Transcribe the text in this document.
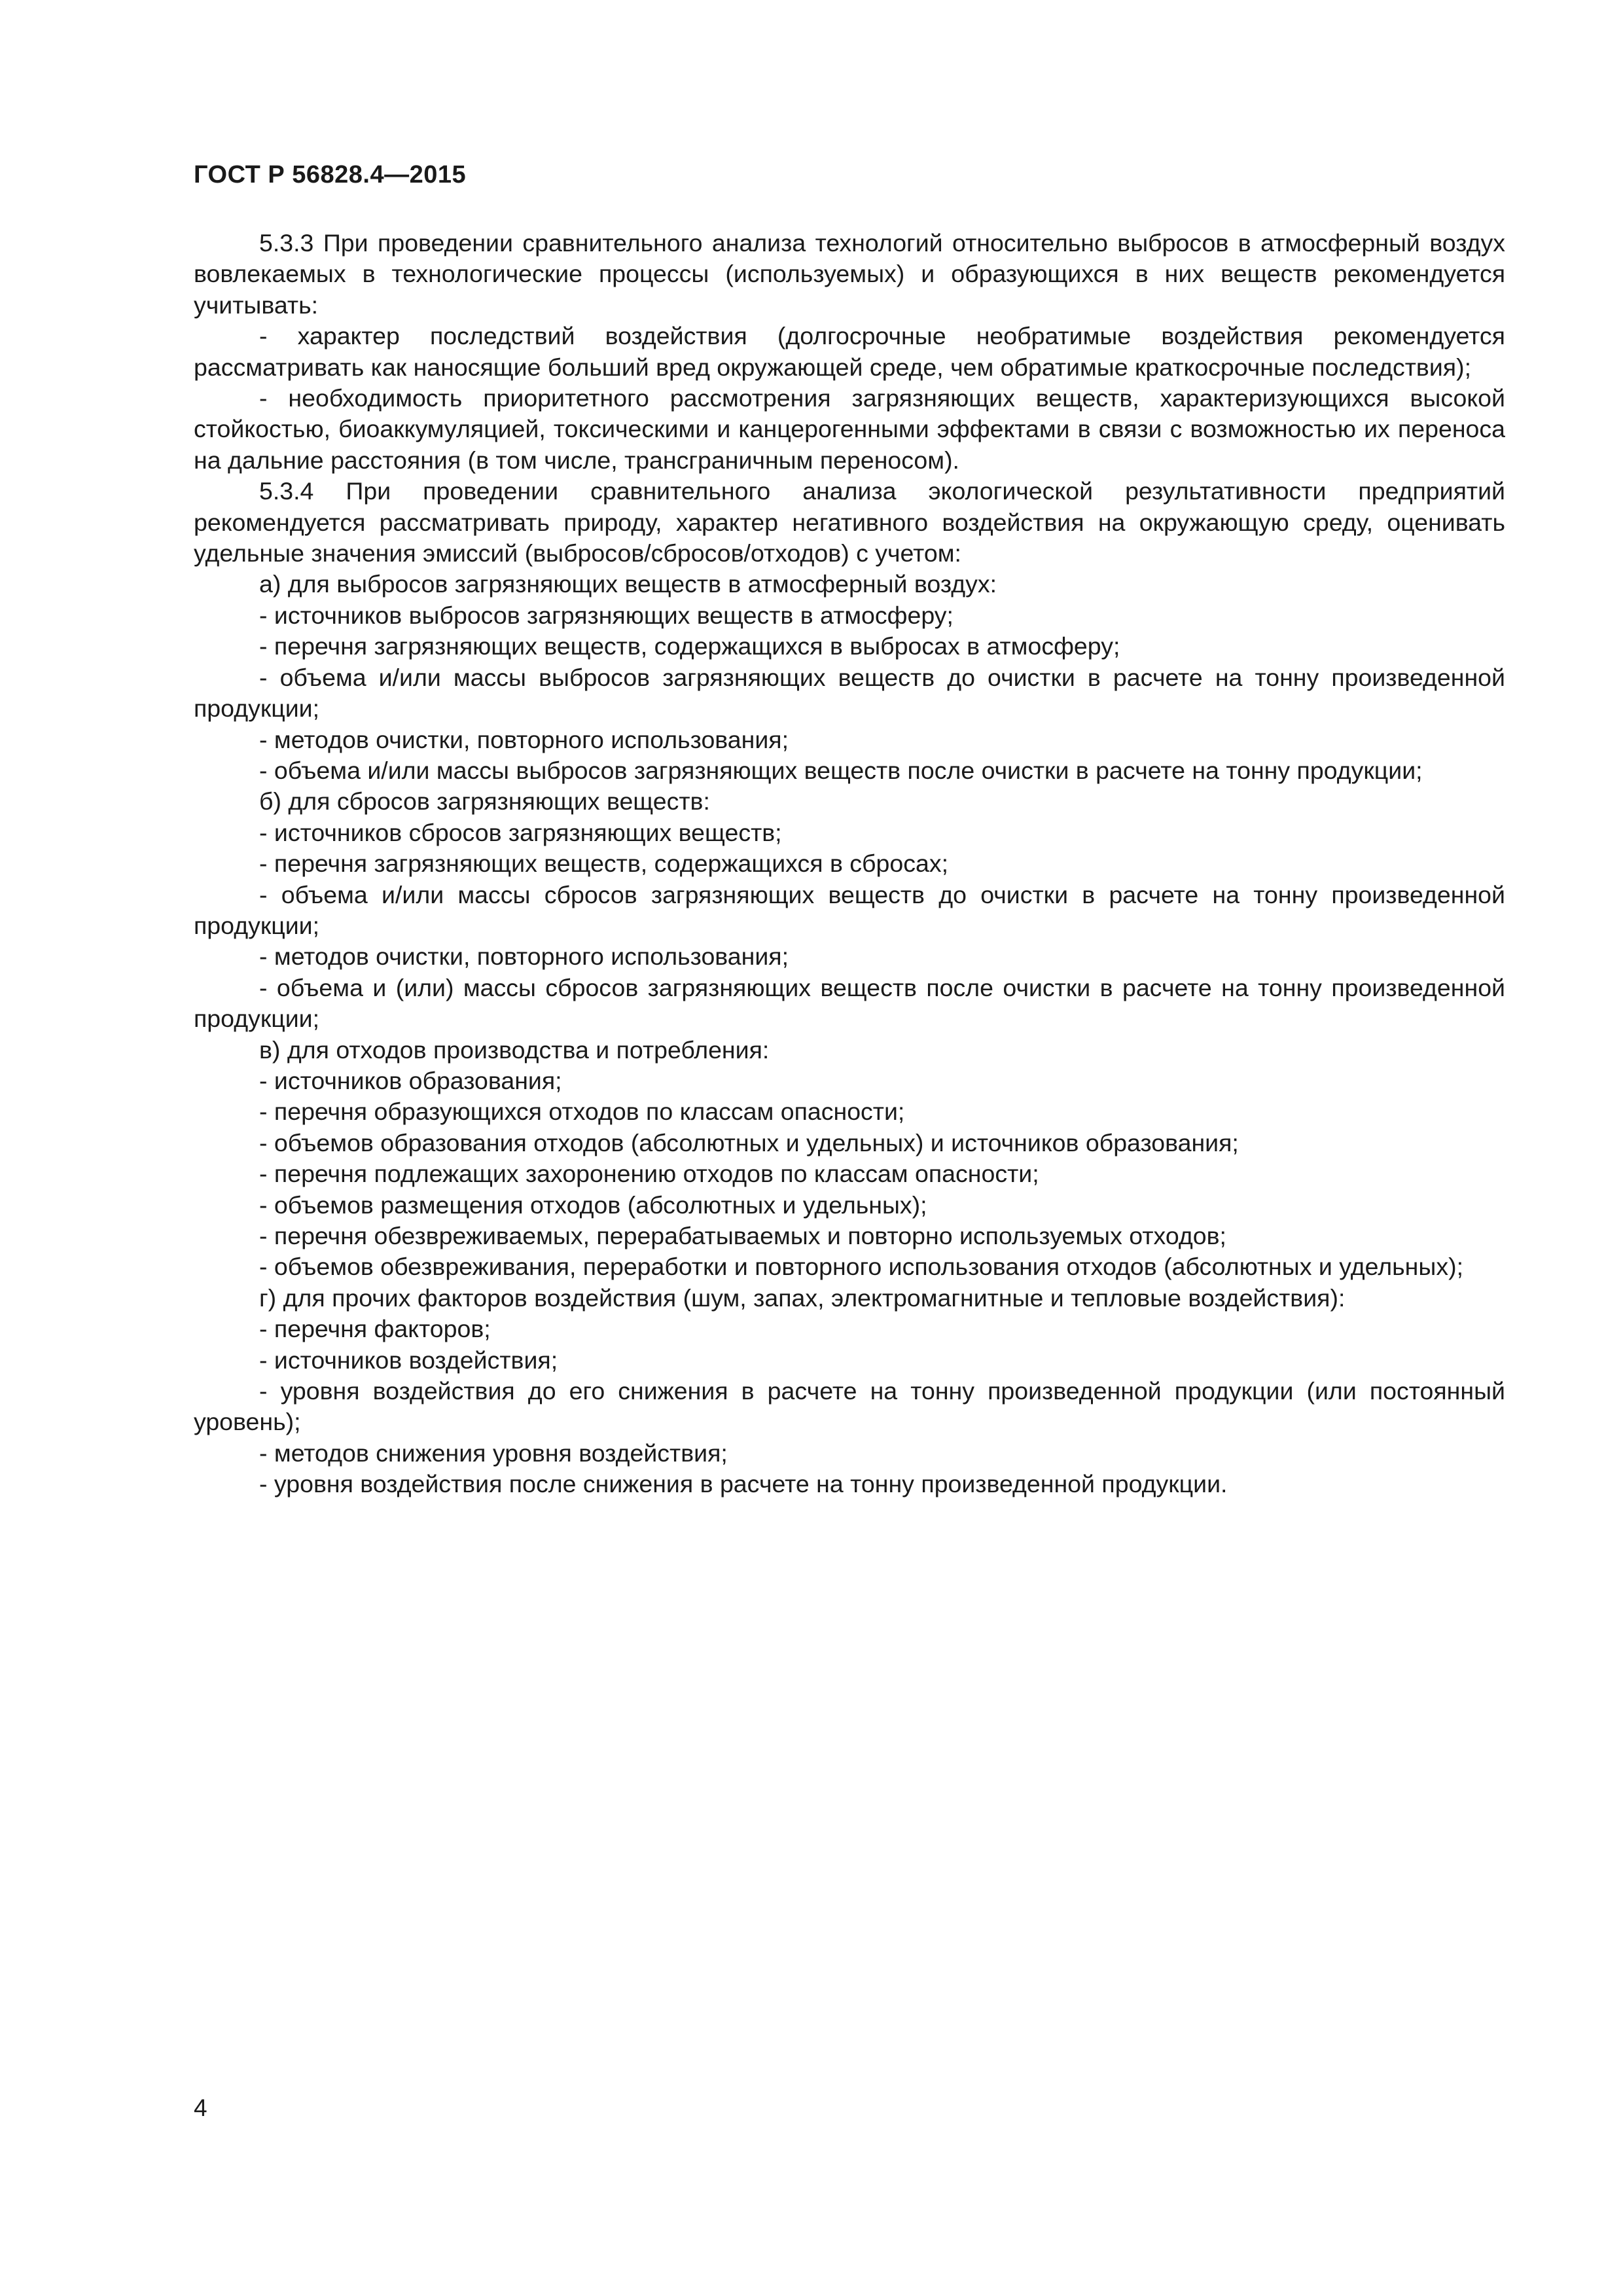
ГОСТ Р 56828.4—2015

5.3.3 При проведении сравнительного анализа технологий относительно выбросов в атмосферный воздух вовлекаемых в технологические процессы (используемых) и образующихся в них веществ рекомендуется учитывать:

- характер последствий воздействия (долгосрочные необратимые воздействия рекомендуется рассматривать как наносящие больший вред окружающей среде, чем обратимые краткосрочные последствия);

- необходимость приоритетного рассмотрения загрязняющих веществ, характеризующихся высокой стойкостью, биоаккумуляцией, токсическими и канцерогенными эффектами в связи с возможностью их переноса на дальние расстояния (в том числе, трансграничным переносом).

5.3.4 При проведении сравнительного анализа экологической результативности предприятий рекомендуется рассматривать природу, характер негативного воздействия на окружающую среду, оценивать удельные значения эмиссий (выбросов/сбросов/отходов) с учетом:

а) для выбросов загрязняющих веществ в атмосферный воздух:

- источников выбросов загрязняющих веществ в атмосферу;

- перечня загрязняющих веществ, содержащихся в выбросах в атмосферу;

- объема и/или массы выбросов загрязняющих веществ до очистки в расчете на тонну произведенной продукции;

- методов очистки, повторного использования;

- объема и/или массы выбросов загрязняющих веществ после очистки в расчете на тонну продукции;

б) для сбросов загрязняющих веществ:

- источников сбросов загрязняющих веществ;

- перечня загрязняющих веществ, содержащихся в сбросах;

- объема и/или массы сбросов загрязняющих веществ до очистки в расчете на тонну произведенной продукции;

- методов очистки, повторного использования;

- объема и (или) массы сбросов загрязняющих веществ после очистки в расчете на тонну произведенной продукции;

в) для отходов производства и потребления:

- источников образования;

- перечня образующихся отходов по классам опасности;

- объемов образования отходов (абсолютных и удельных) и источников образования;

- перечня подлежащих захоронению отходов по классам опасности;

- объемов размещения отходов (абсолютных и удельных);

- перечня обезвреживаемых, перерабатываемых и повторно используемых отходов;

- объемов обезвреживания, переработки и повторного использования отходов (абсолютных и удельных);

г) для прочих факторов воздействия (шум, запах, электромагнитные и тепловые воздействия):

- перечня факторов;

- источников воздействия;

- уровня воздействия до его снижения в расчете на тонну произведенной продукции (или постоянный уровень);

- методов снижения уровня воздействия;

- уровня воздействия после снижения в расчете на тонну произведенной продукции.

4
